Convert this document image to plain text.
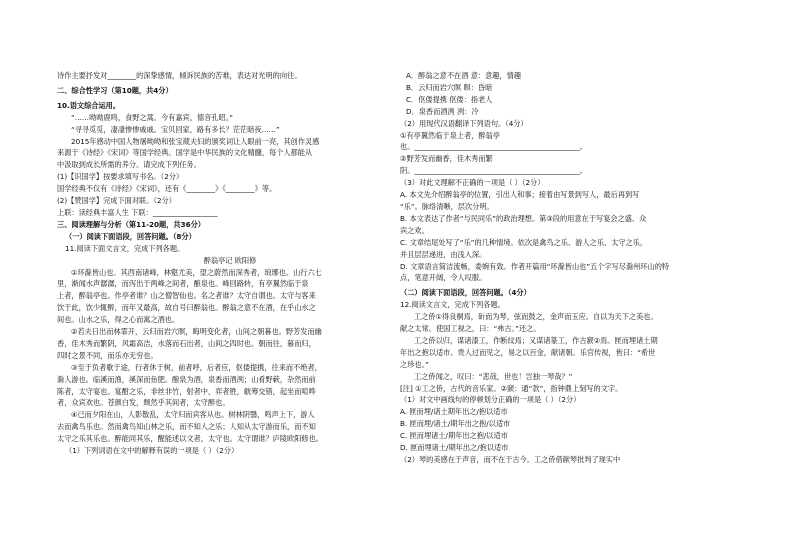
诗作主要抒发对________的深挚感情，倾诉民族的苦难，表达对光明的向往。
二、综合性学习（第10题，共4分）
10.语文综合运用。
“……呦呦鹿鸣，食野之蒿。今有嘉宾，德音孔昭。”
“寻寻觅觅，凄凄惨惨戚戚。宝贝回家，路有多长？茫茫暗夜……”
2015年感动中国人物屠呦呦和张宝葳夫妇的颁奖词让人眼前一亮，其创作灵感
来源于《诗经》《宋词》等国学经典。国学是中华民族的文化精髓，每个人都能从
中汲取到成长所需的养分。请完成下列任务。
(1)【识国学】按要求填写书名。（2分）
国学经典不仅有《诗经》《宋词》，还有《________》《________》等。
(2)【赞国学】完成下面对联。（2分）
上联：读经典丰富人生 下联：__________________
三、阅读理解与分析（第11-20题，共36分）
（一）阅读下面语段，回答问题。（8分）
11.阅读下面文言文，完成下列各题。
醉翁亭记 欧阳修
①环滁皆山也。其西南诸峰，林壑尤美，望之蔚然而深秀者，琅琊也。山行六七
里，渐闻水声潺潺，而泻出于两峰之间者，酿泉也。峰回路转，有亭翼然临于泉
上者，醉翁亭也。作亭者谁？山之僧智仙也。名之者谁？太守自谓也。太守与客来
饮于此，饮少辄醉，而年又最高，故自号曰醉翁也。醉翁之意不在酒，在乎山水之
间也。山水之乐，得之心而寓之酒也。
②若夫日出而林霏开，云归而岩穴暝，晦明变化者，山间之朝暮也。野芳发而幽
香，佳木秀而繁阴，风霜高洁，水落而石出者，山间之四时也。朝而往，暮而归，
四时之景不同，而乐亦无穷也。
③至于负者歌于途，行者休于树，前者呼，后者应，伛偻提携，往来而不绝者，
滁人游也。临溪而渔，溪深而鱼肥。酿泉为酒，泉香而酒洌；山肴野蔌，杂然而前
陈者，太守宴也。宴酣之乐，非丝非竹，射者中，弈者胜，觥筹交错，起坐而喧哗
者，众宾欢也。苍颜白发，颓然乎其间者，太守醉也。
④已而夕阳在山，人影散乱，太守归而宾客从也。树林阴翳，鸣声上下，游人
去而禽鸟乐也。然而禽鸟知山林之乐，而不知人之乐；人知从太守游而乐，而不知
太守之乐其乐也。醉能同其乐，醒能述以文者，太守也。太守谓谁？庐陵欧阳修也。
（1）下列词语在文中的解释有误的一项是（ ）（2分）
A．醉翁之意不在酒 意：意趣，情趣
B．云归而岩穴暝 暝：昏暗
C．伛偻提携 伛偻：指老人
D．泉香而酒洌 洌：冷
（2）用现代汉语翻译下列语句。（4分）
①有亭翼然临于泉上者，醉翁亭
也。______________________________________________。
②野芳发而幽香，佳木秀而繁
阴。______________________________________________。
（3）对此文理解不正确的一项是（ ）（2分）
A. 本文先介绍醉翁亭的位置，引出人和事；接着由写景到写人，最后再到写
“乐”。脉络清晰，层次分明。
B. 本文表达了作者“与民同乐”的政治理想。第③段的用意在于写宴会之盛、众
宾之欢。
C. 文章结尾处写了“乐”的几种情境。依次是禽鸟之乐、游人之乐、太守之乐，
并且层层递进，由浅入深。
D. 文章语言简洁流畅，委婉有致。作者开篇用“环滁皆山也”五个字写尽滁州环山的特
点，笔意开阔，令人叹服。
（二）阅读下面语段，回答问题。（4分）
12.阅读文言文，完成下列各题。
工之侨①得良桐焉，斫而为琴，弦而鼓之，金声而玉应。自以为天下之美也。
献之太常。使国工视之，曰：“弗古。”还之。
工之侨以归，谋诸漆工，作断纹焉；又谋诸篆工，作古窾②焉。匣而埋诸土期
年出之抱以适市。贵人过而见之，易之以百金，献诸朝。乐官传视，皆曰：“希世
之珍也。”
工之侨闻之，叹曰：“悲哉，世也！岂独一琴哉？”
[注] ①工之侨，古代的音乐家。②窾：通“款”，指钟鼎上刻写的文字。
（1）对文中画线句的停顿划分正确的一项是（ ）（2分）
A. 匣而埋/诸土期年出之/抱以适市
B. 匣而埋/诸土/期年出之抱/以适市
C. 匣而埋诸土/期年出之抱/以适市
D. 匣而埋诸土/期年出之/抱以适市
（2）琴的美感在于声音，而不在于古今。工之侨借献琴批判了现实中
